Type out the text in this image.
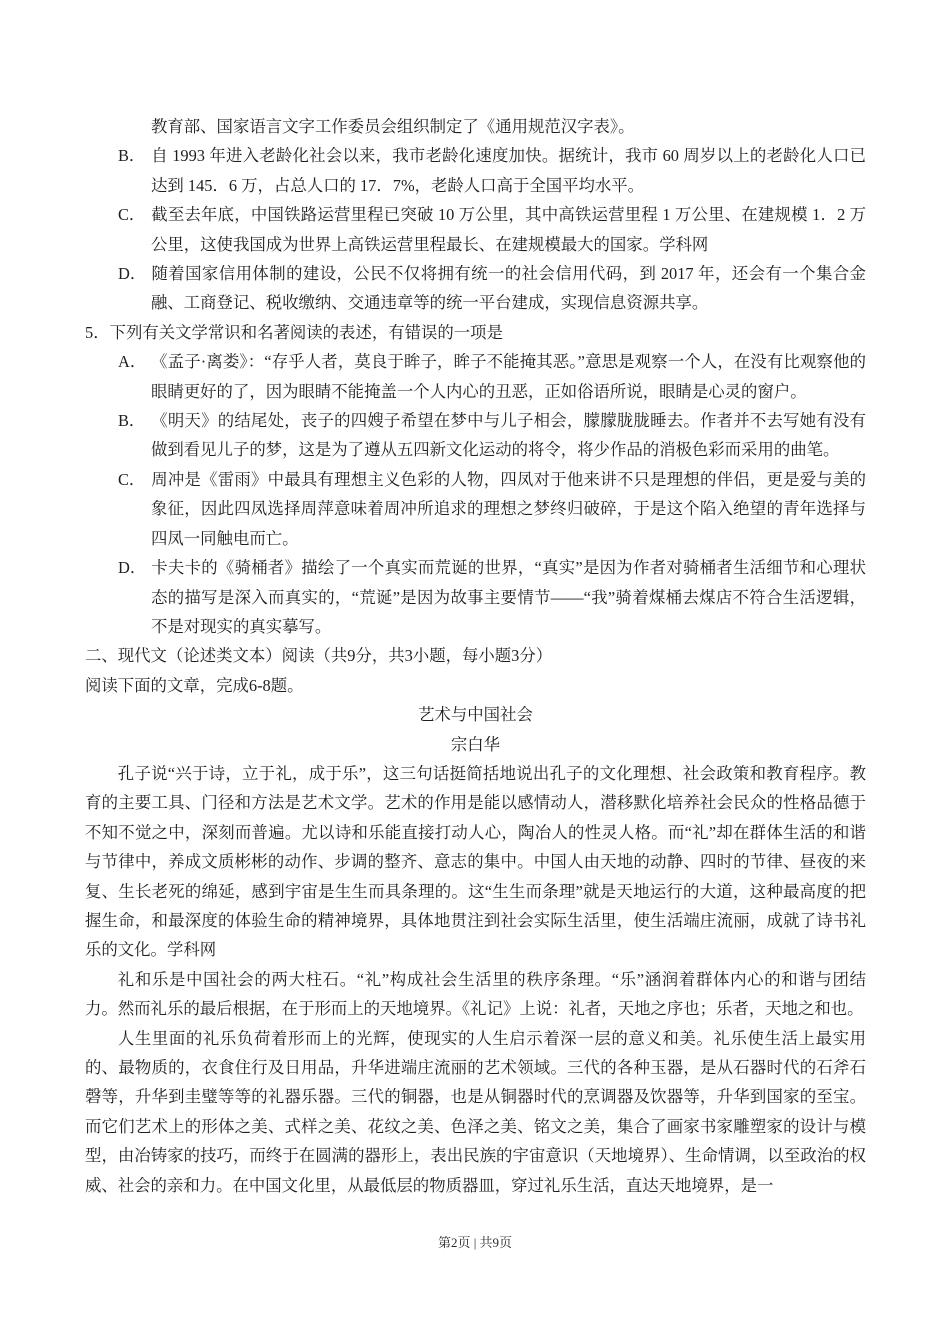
教育部、国家语言文字工作委员会组织制定了《通用规范汉字表》。
B． 自 1993 年进入老龄化社会以来，我市老龄化速度加快。据统计，我市 60 周岁以上的老龄化人口已达到 145．6 万，占总人口的 17．7%，老龄人口高于全国平均水平。
C． 截至去年底，中国铁路运营里程已突破 10 万公里，其中高铁运营里程 1 万公里、在建规模 1．2 万公里，这使我国成为世界上高铁运营里程最长、在建规模最大的国家。学科网
D． 随着国家信用体制的建设，公民不仅将拥有统一的社会信用代码，到 2017 年，还会有一个集合金融、工商登记、税收缴纳、交通违章等的统一平台建成，实现信息资源共享。
5．下列有关文学常识和名著阅读的表述，有错误的一项是
A． 《孟子·离娄》：“存乎人者，莫良于眸子，眸子不能掩其恶。”意思是观察一个人，在没有比观察他的眼睛更好的了，因为眼睛不能掩盖一个人内心的丑恶，正如俗语所说，眼睛是心灵的窗户。
B． 《明天》的结尾处，丧子的四嫂子希望在梦中与儿子相会，朦朦胧胧睡去。作者并不去写她有没有做到看见儿子的梦，这是为了遵从五四新文化运动的将令，将少作品的消极色彩而采用的曲笔。
C． 周冲是《雷雨》中最具有理想主义色彩的人物，四凤对于他来讲不只是理想的伴侣，更是爱与美的象征，因此四凤选择周萍意味着周冲所追求的理想之梦终归破碎，于是这个陷入绝望的青年选择与四凤一同触电而亡。
D． 卡夫卡的《骑桶者》描绘了一个真实而荒诞的世界，“真实”是因为作者对骑桶者生活细节和心理状态的描写是深入而真实的，“荒诞”是因为故事主要情节——“我”骑着煤桶去煤店不符合生活逻辑，不是对现实的真实摹写。
二、现代文（论述类文本）阅读（共9分，共3小题，每小题3分）
阅读下面的文章，完成6-8题。
艺术与中国社会
宗白华
孔子说“兴于诗，立于礼，成于乐”，这三句话挺简括地说出孔子的文化理想、社会政策和教育程序。教育的主要工具、门径和方法是艺术文学。艺术的作用是能以感情动人，潜移默化培养社会民众的性格品德于不知不觉之中，深刻而普遍。尤以诗和乐能直接打动人心，陶冶人的性灵人格。而“礼”却在群体生活的和谐与节律中，养成文质彬彬的动作、步调的整齐、意志的集中。中国人由天地的动静、四时的节律、昼夜的来复、生长老死的绵延，感到宇宙是生生而具条理的。这“生生而条理”就是天地运行的大道，这种最高度的把握生命，和最深度的体验生命的精神境界，具体地贯注到社会实际生活里，使生活端庄流丽，成就了诗书礼乐的文化。学科网
礼和乐是中国社会的两大柱石。“礼”构成社会生活里的秩序条理。“乐”涵润着群体内心的和谐与团结力。然而礼乐的最后根据，在于形而上的天地境界。《礼记》上说：礼者，天地之序也；乐者，天地之和也。
人生里面的礼乐负荷着形而上的光辉，使现实的人生启示着深一层的意义和美。礼乐使生活上最实用的、最物质的，衣食住行及日用品，升华进端庄流丽的艺术领域。三代的各种玉器，是从石器时代的石斧石磬等，升华到圭璧等等的礼器乐器。三代的铜器，也是从铜器时代的烹调器及饮器等，升华到国家的至宝。而它们艺术上的形体之美、式样之美、花纹之美、色泽之美、铭文之美，集合了画家书家雕塑家的设计与模型，由冶铸家的技巧，而终于在圆满的器形上，表出民族的宇宙意识（天地境界）、生命情调，以至政治的权威、社会的亲和力。在中国文化里，从最低层的物质器皿，穿过礼乐生活，直达天地境界，是一
第2页 | 共9页
